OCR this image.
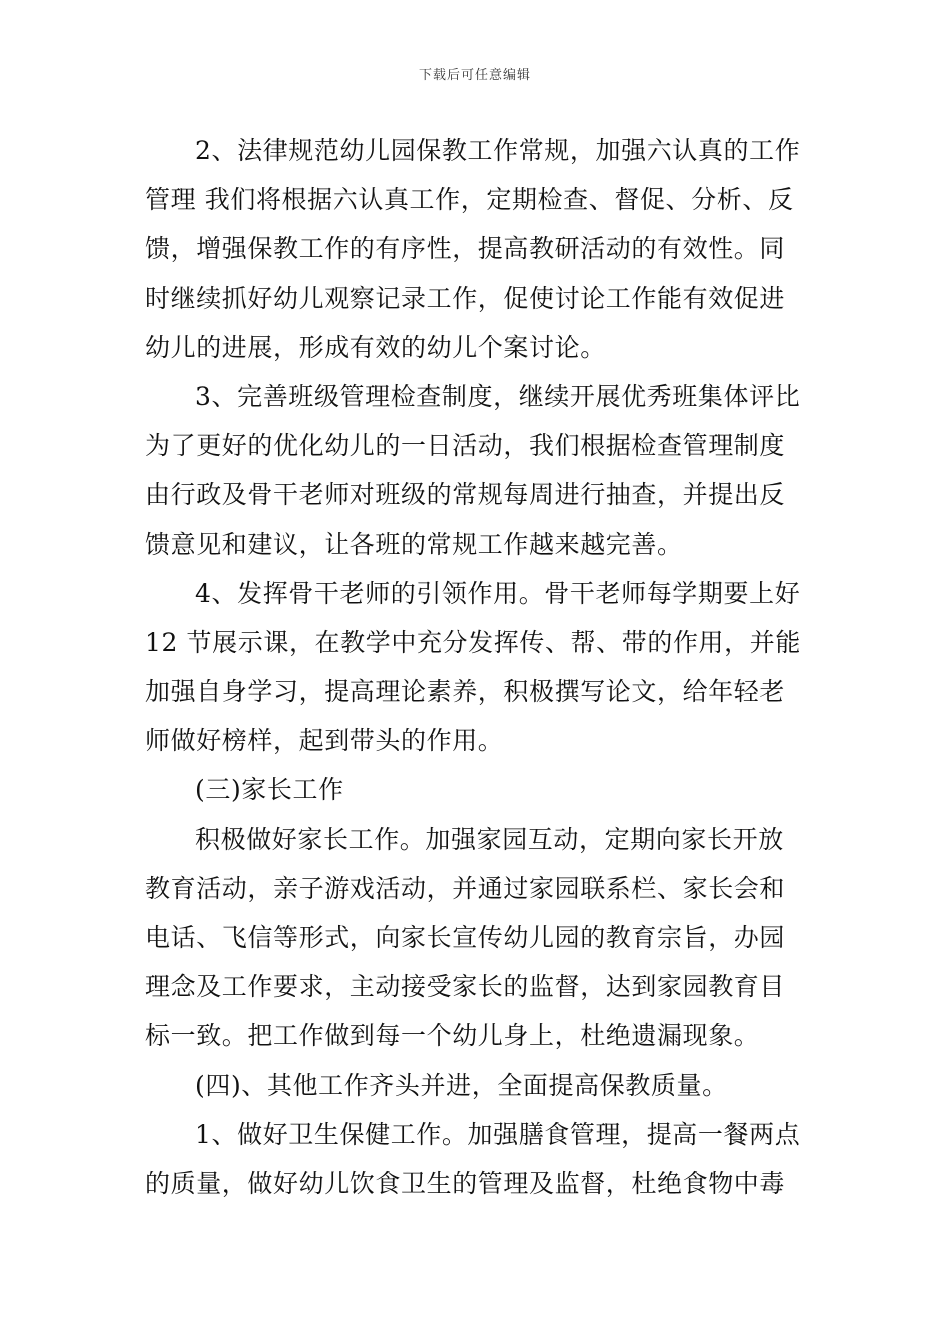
下载后可任意编辑
2、法律规范幼儿园保教工作常规，加强六认真的工作
管理 我们将根据六认真工作，定期检查、督促、分析、反
馈，增强保教工作的有序性，提高教研活动的有效性。同
时继续抓好幼儿观察记录工作，促使讨论工作能有效促进
幼儿的进展，形成有效的幼儿个案讨论。
3、完善班级管理检查制度，继续开展优秀班集体评比
为了更好的优化幼儿的一日活动，我们根据检查管理制度
由行政及骨干老师对班级的常规每周进行抽查，并提出反
馈意见和建议，让各班的常规工作越来越完善。
4、发挥骨干老师的引领作用。骨干老师每学期要上好
12 节展示课，在教学中充分发挥传、帮、带的作用，并能
加强自身学习，提高理论素养，积极撰写论文，给年轻老
师做好榜样，起到带头的作用。
(三)家长工作
积极做好家长工作。加强家园互动，定期向家长开放
教育活动，亲子游戏活动，并通过家园联系栏、家长会和
电话、飞信等形式，向家长宣传幼儿园的教育宗旨，办园
理念及工作要求，主动接受家长的监督，达到家园教育目
标一致。把工作做到每一个幼儿身上，杜绝遗漏现象。
(四)、其他工作齐头并进，全面提高保教质量。
1、做好卫生保健工作。加强膳食管理，提高一餐两点
的质量，做好幼儿饮食卫生的管理及监督，杜绝食物中毒
